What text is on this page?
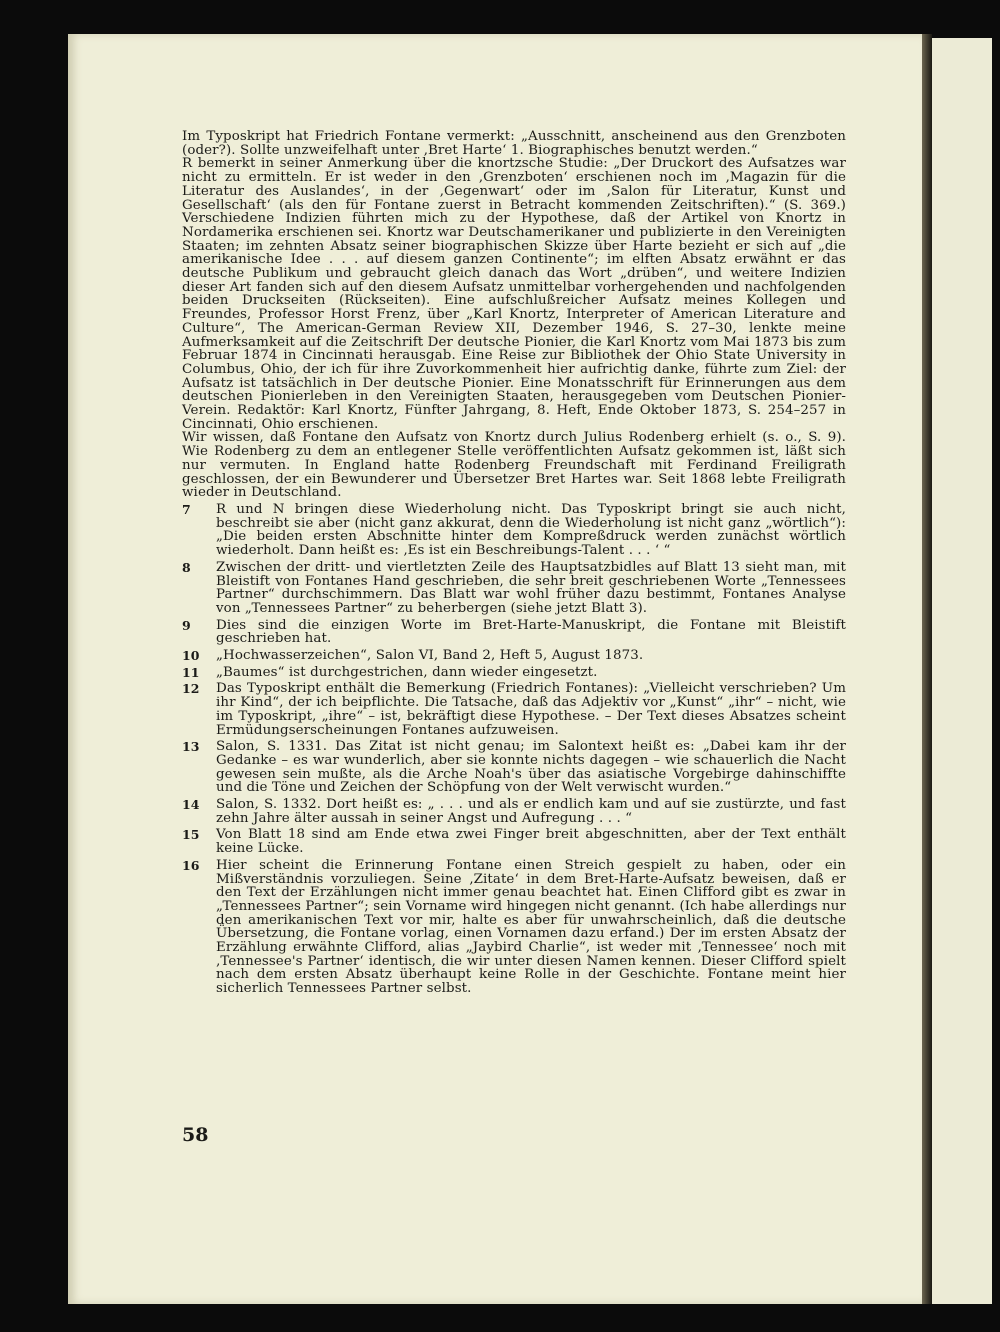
Im Typoskript hat Friedrich Fontane vermerkt: „Ausschnitt, anscheinend aus den Grenzboten (oder?). Sollte unzweifelhaft unter ‚Bret Harte‘ 1. Biographisches benutzt werden.“

R bemerkt in seiner Anmerkung über die knortzsche Studie: „Der Druckort des Aufsatzes war nicht zu ermitteln. Er ist weder in den ‚Grenzboten‘ erschienen noch im ‚Magazin für die Literatur des Auslandes‘, in der ‚Gegenwart‘ oder im ‚Salon für Literatur, Kunst und Gesellschaft‘ (als den für Fontane zuerst in Betracht kommenden Zeitschriften).“ (S. 369.) Verschiedene Indizien führten mich zu der Hypothese, daß der Artikel von Knortz in Nordamerika erschienen sei. Knortz war Deutschamerikaner und publizierte in den Vereinigten Staaten; im zehnten Absatz seiner biographischen Skizze über Harte bezieht er sich auf „die amerikanische Idee . . . auf diesem ganzen Continente“; im elften Absatz erwähnt er das deutsche Publikum und gebraucht gleich danach das Wort „drüben“, und weitere Indizien dieser Art fanden sich auf den diesem Aufsatz unmittelbar vorhergehenden und nachfolgenden beiden Druckseiten (Rückseiten). Eine aufschlußreicher Aufsatz meines Kollegen und Freundes, Professor Horst Frenz, über „Karl Knortz, Interpreter of American Literature and Culture“, The American-German Review XII, Dezember 1946, S. 27–30, lenkte meine Aufmerksamkeit auf die Zeitschrift Der deutsche Pionier, die Karl Knortz vom Mai 1873 bis zum Februar 1874 in Cincinnati herausgab. Eine Reise zur Bibliothek der Ohio State University in Columbus, Ohio, der ich für ihre Zuvorkommenheit hier aufrichtig danke, führte zum Ziel: der Aufsatz ist tatsächlich in Der deutsche Pionier. Eine Monatsschrift für Erinnerungen aus dem deutschen Pionierleben in den Vereinigten Staaten, herausgegeben vom Deutschen Pionier-Verein. Redaktör: Karl Knortz, Fünfter Jahrgang, 8. Heft, Ende Oktober 1873, S. 254–257 in Cincinnati, Ohio erschienen.

Wir wissen, daß Fontane den Aufsatz von Knortz durch Julius Rodenberg erhielt (s. o., S. 9). Wie Rodenberg zu dem an entlegener Stelle veröffentlichten Aufsatz gekommen ist, läßt sich nur vermuten. In England hatte Rodenberg Freundschaft mit Ferdinand Freiligrath geschlossen, der ein Bewunderer und Übersetzer Bret Hartes war. Seit 1868 lebte Freiligrath wieder in Deutschland.

7	R und N bringen diese Wiederholung nicht. Das Typoskript bringt sie auch nicht, beschreibt sie aber (nicht ganz akkurat, denn die Wiederholung ist nicht ganz „wörtlich“): „Die beiden ersten Abschnitte hinter dem Kompreßdruck werden zunächst wörtlich wiederholt. Dann heißt es: ‚Es ist ein Beschreibungs-Talent . . . ‘ “
8	Zwischen der dritt- und viertletzten Zeile des Hauptsatzbidles auf Blatt 13 sieht man, mit Bleistift von Fontanes Hand geschrieben, die sehr breit geschriebenen Worte „Tennessees Partner“ durchschimmern. Das Blatt war wohl früher dazu bestimmt, Fontanes Analyse von „Tennessees Partner“ zu beherbergen (siehe jetzt Blatt 3).
9	Dies sind die einzigen Worte im Bret-Harte-Manuskript, die Fontane mit Bleistift geschrieben hat.
10	„Hochwasserzeichen“, Salon VI, Band 2, Heft 5, August 1873.
11	„Baumes“ ist durchgestrichen, dann wieder eingesetzt.
12	Das Typoskript enthält die Bemerkung (Friedrich Fontanes): „Vielleicht verschrieben? Um ihr Kind“, der ich beipflichte. Die Tatsache, daß das Adjektiv vor „Kunst“ „ihr“ – nicht, wie im Typoskript, „ihre“ – ist, bekräftigt diese Hypothese. – Der Text dieses Absatzes scheint Ermüdungserscheinungen Fontanes aufzuweisen.
13	Salon, S. 1331. Das Zitat ist nicht genau; im Salontext heißt es: „Dabei kam ihr der Gedanke – es war wunderlich, aber sie konnte nichts dagegen – wie schauerlich die Nacht gewesen sein mußte, als die Arche Noah's über das asiatische Vorgebirge dahinschiffte und die Töne und Zeichen der Schöpfung von der Welt verwischt wurden.“
14	Salon, S. 1332. Dort heißt es: „ . . . und als er endlich kam und auf sie zustürzte, und fast zehn Jahre älter aussah in seiner Angst und Aufregung . . . “
15	Von Blatt 18 sind am Ende etwa zwei Finger breit abgeschnitten, aber der Text enthält keine Lücke.
16	Hier scheint die Erinnerung Fontane einen Streich gespielt zu haben, oder ein Mißverständnis vorzuliegen. Seine ‚Zitate‘ in dem Bret-Harte-Aufsatz beweisen, daß er den Text der Erzählungen nicht immer genau beachtet hat. Einen Clifford gibt es zwar in „Tennessees Partner“; sein Vorname wird hingegen nicht genannt. (Ich habe allerdings nur den amerikanischen Text vor mir, halte es aber für unwahrscheinlich, daß die deutsche Übersetzung, die Fontane vorlag, einen Vornamen dazu erfand.) Der im ersten Absatz der Erzählung erwähnte Clifford, alias „Jaybird Charlie“, ist weder mit ‚Tennessee‘ noch mit ‚Tennessee's Partner‘ identisch, die wir unter diesen Namen kennen. Dieser Clifford spielt nach dem ersten Absatz überhaupt keine Rolle in der Geschichte. Fontane meint hier sicherlich Tennessees Partner selbst.
58
